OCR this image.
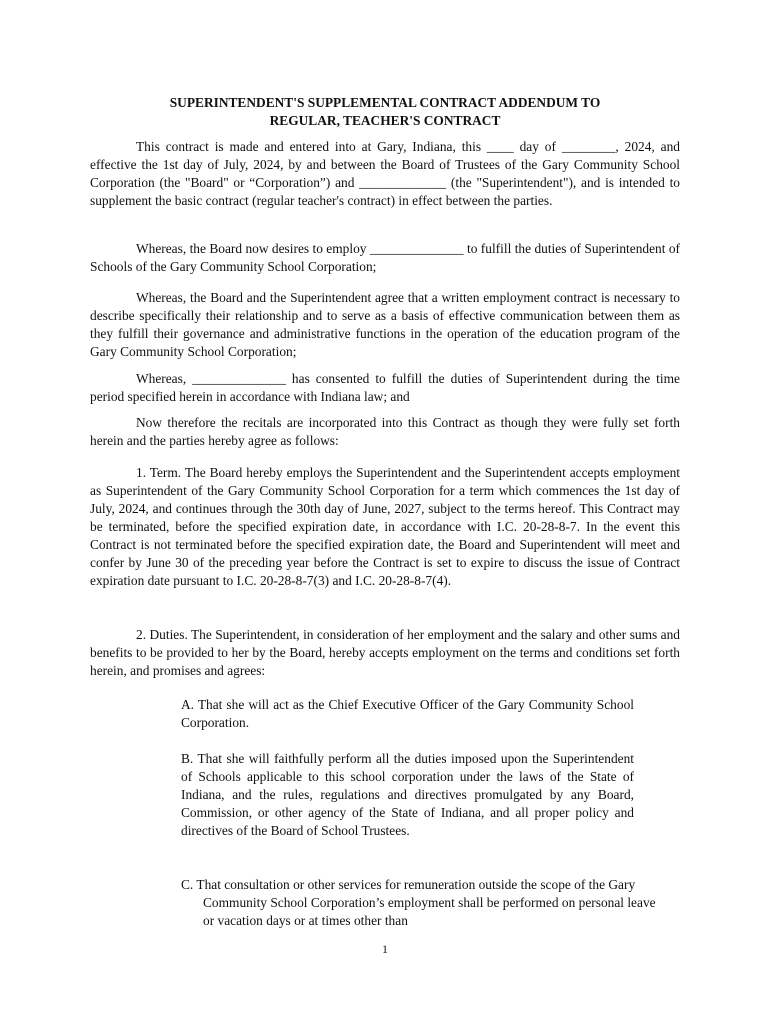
SUPERINTENDENT'S SUPPLEMENTAL CONTRACT ADDENDUM TO
REGULAR, TEACHER'S CONTRACT

This contract is made and entered into at Gary, Indiana, this ____ day of ________, 2024, and effective the 1st day of July, 2024, by and between the Board of Trustees of the Gary Community School Corporation (the "Board" or “Corporation”) and _____________ (the "Superintendent"), and is intended to supplement the basic contract (regular teacher's contract) in effect between the parties.

Whereas, the Board now desires to employ ______________ to fulfill the duties of Superintendent of Schools of the Gary Community School Corporation;

Whereas, the Board and the Superintendent agree that a written employment contract is necessary to describe specifically their relationship and to serve as a basis of effective communication between them as they fulfill their governance and administrative functions in the operation of the education program of the Gary Community School Corporation;

Whereas, ______________ has consented to fulfill the duties of Superintendent during the time period specified herein in accordance with Indiana law; and

Now therefore the recitals are incorporated into this Contract as though they were fully set forth herein and the parties hereby agree as follows:

1. Term. The Board hereby employs the Superintendent and the Superintendent accepts employment as Superintendent of the Gary Community School Corporation for a term which commences the 1st day of July, 2024, and continues through the 30th day of June, 2027, subject to the terms hereof. This Contract may be terminated, before the specified expiration date, in accordance with I.C. 20-28-8-7. In the event this Contract is not terminated before the specified expiration date, the Board and Superintendent will meet and confer by June 30 of the preceding year before the Contract is set to expire to discuss the issue of Contract expiration date pursuant to I.C. 20-28-8-7(3) and I.C. 20-28-8-7(4).

2. Duties. The Superintendent, in consideration of her employment and the salary and other sums and benefits to be provided to her by the Board, hereby accepts employment on the terms and conditions set forth herein, and promises and agrees:

A. That she will act as the Chief Executive Officer of the Gary Community School Corporation.

B. That she will faithfully perform all the duties imposed upon the Superintendent of Schools applicable to this school corporation under the laws of the State of Indiana, and the rules, regulations and directives promulgated by any Board, Commission, or other agency of the State of Indiana, and all proper policy and directives of the Board of School Trustees.

C. That consultation or other services for remuneration outside the scope of the Gary Community School Corporation’s employment shall be performed on personal leave or vacation days or at times other than

1
